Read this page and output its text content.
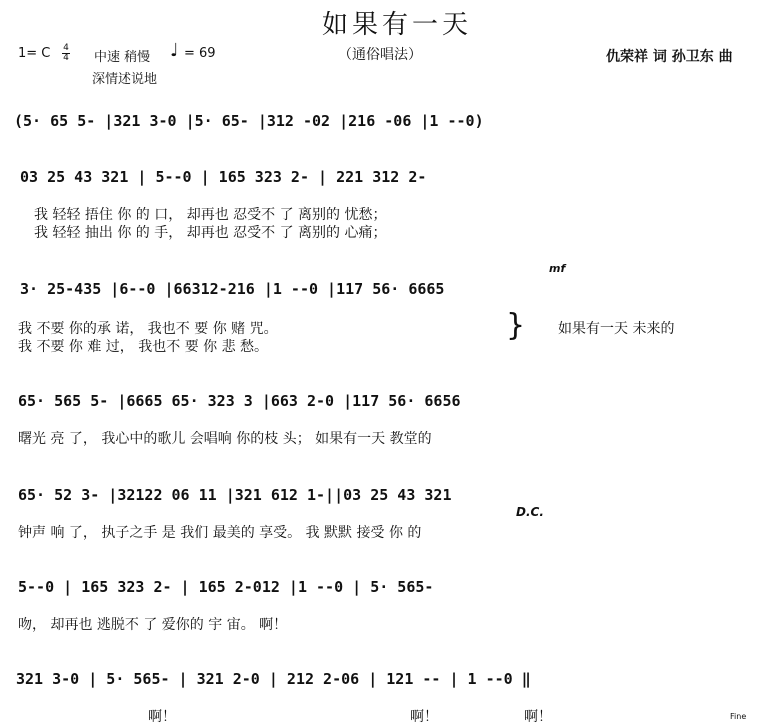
如果有一天
1= C $\frac{4}{4}$ 中速 稍慢 ♩ = 69	（通俗唱法）	仇荣祥 词 孙卫东 曲
深情述说地
(5· 65 5- |321 3-0 |5· 65- |312 -02 |216 -06 |1 --0)
03 25 43 321 | 5--0 | 165 323 2- | 221 312 2-
我 轻轻 捂住 你 的 口， 却再也 忍受不 了 离别的 忧愁；
我 轻轻 抽出 你 的 手， 却再也 忍受不 了 离别的 心痛；
mf
3· 25-435 |6--0 |66312-216 |1 --0 |117 56· 6665
我 不要 你的承 诺， 我也不 要 你 赌 咒。
我 不要 你 难 过， 我也不 要 你 悲 愁。
} 如果有一天 未来的
65· 565 5- |6665 65· 323 3 |663 2-0 |117 56· 6656
曙光 亮 了， 我心中的歌儿 会唱响 你的枝 头； 如果有一天 教堂的
65· 52 3- |32122 06 11 |321 612 1-||03 25 43 321
D.C.
钟声 响 了， 执子之手 是 我们 最美的 享受。 我 默默 接受 你 的
5--0 | 165 323 2- | 165 2-012 |1 --0 | 5· 565-
吻， 却再也 逃脱不 了 爱你的 宇 宙。 啊！
321 3-0 | 5· 565- | 321 2-0 | 212 2-06 | 121 -- | 1 --0 ‖
啊！	啊！	啊！	Fine
